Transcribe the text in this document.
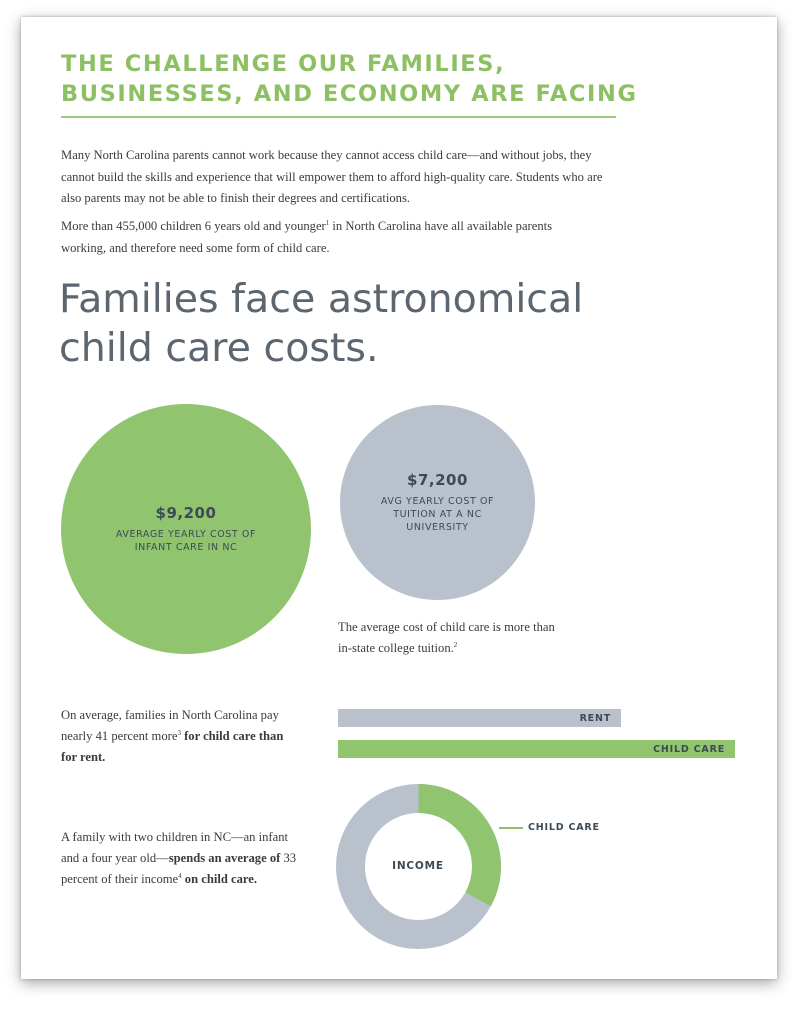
THE CHALLENGE OUR FAMILIES,
BUSINESSES, AND ECONOMY ARE FACING

Many North Carolina parents cannot work because they cannot access child care—and without jobs, they cannot build the skills and experience that will empower them to afford high-quality care. Students who are also parents may not be able to finish their degrees and certifications.

More than 455,000 children 6 years old and younger$^1$ in North Carolina have all available parents working, and therefore need some form of child care.

Families face astronomical
child care costs.
$9,200
AVERAGE YEARLY COST OF INFANT CARE IN NC
$7,200
AVG YEARLY COST OF TUITION AT A NC UNIVERSITY

The average cost of child care is more than in-state college tuition.$^2$

On average, families in North Carolina pay nearly 41 percent more$^3$ for child care than for rent.

RENT
CHILD CARE

A family with two children in NC—an infant and a four year old—spends an average of 33 percent of their income$^4$ on child care.

INCOME
CHILD CARE
